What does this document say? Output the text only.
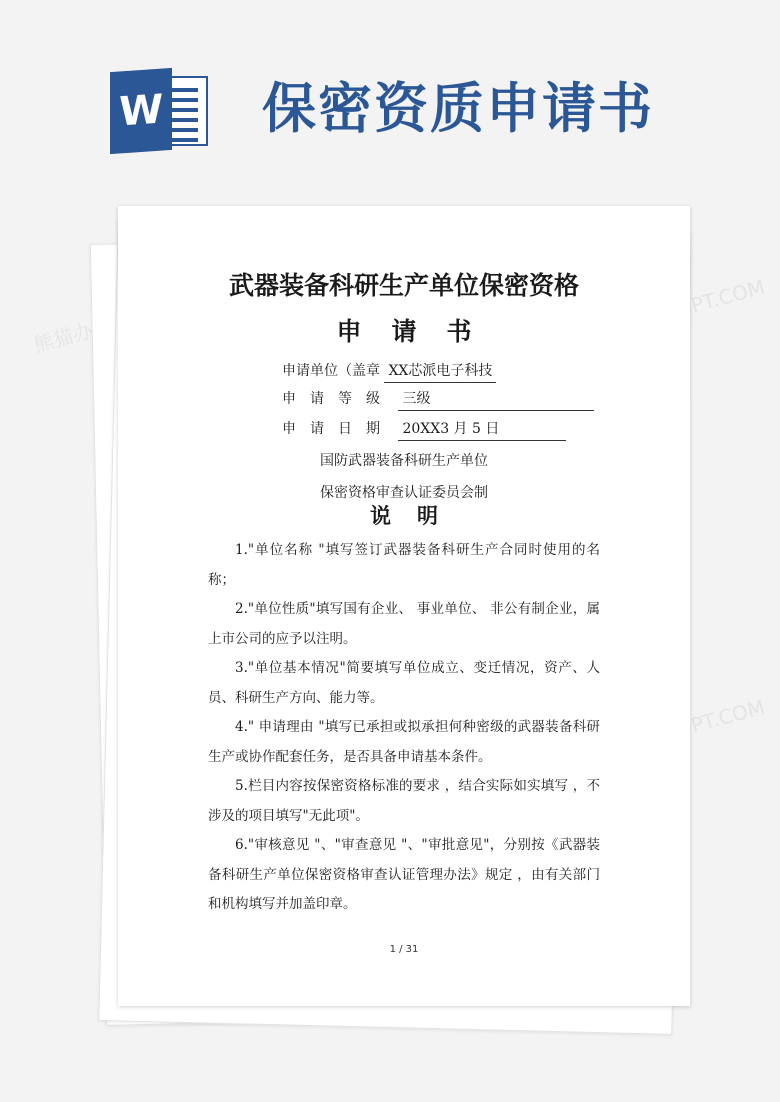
W 保密资质申请书
熊猫办公
TUKUPPT.COM
TUKUPPT.COM
武器装备科研生产单位保密资格
申请书
申请单位（盖章 XX芯派电子科技
申请等级 三级
申请日期 20XX3 月 5 日
国防武器装备科研生产单位
保密资格审查认证委员会制
说明

1."单位名称 "填写签订武器装备科研生产合同时使用的名称；

2."单位性质"填写国有企业、 事业单位、 非公有制企业，属上市公司的应予以注明。

3."单位基本情况"简要填写单位成立、变迁情况，资产、人员、科研生产方向、能力等。

4." 申请理由 "填写已承担或拟承担何种密级的武器装备科研生产或协作配套任务，是否具备申请基本条件。

5.栏目内容按保密资格标准的要求 ，结合实际如实填写 ，不涉及的项目填写"无此项"。

6."审核意见 "、"审查意见 "、"审批意见"，分别按《武器装备科研生产单位保密资格审查认证管理办法》规定 ，由有关部门和机构填写并加盖印章。

1 / 31
